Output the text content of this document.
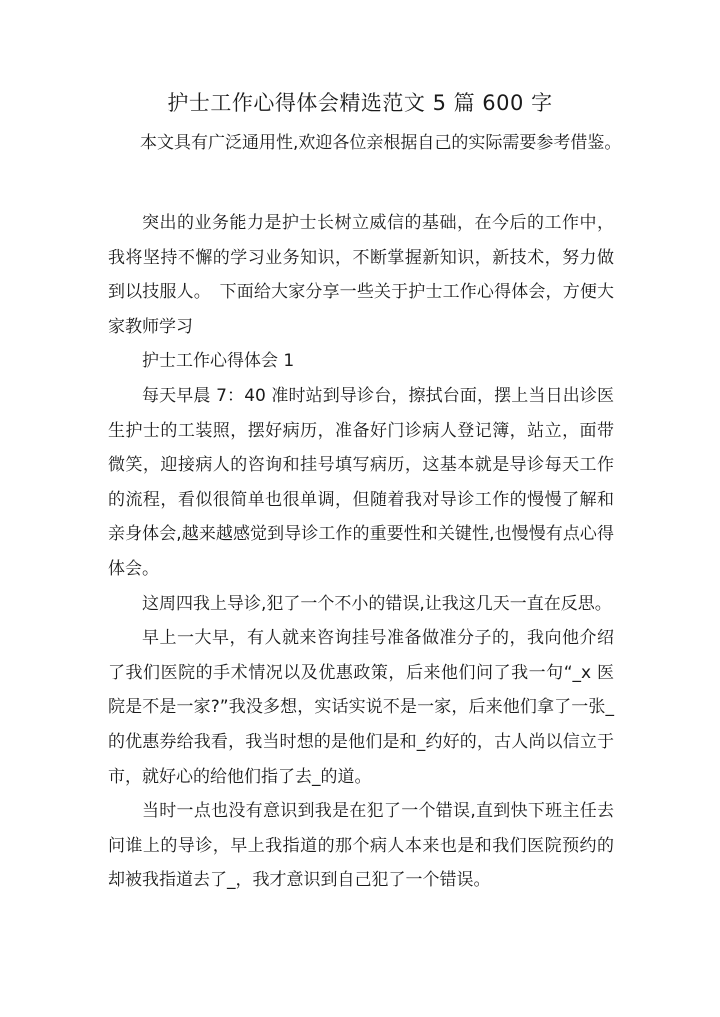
护士工作心得体会精选范文 5 篇 600 字

本文具有广泛通用性,欢迎各位亲根据自己的实际需要参考借鉴。

突出的业务能力是护士长树立威信的基础，在今后的工作中，我将坚持不懈的学习业务知识，不断掌握新知识，新技术，努力做到以技服人。　下面给大家分享一些关于护士工作心得体会，方便大家教师学习

护士工作心得体会 1

每天早晨 7：40 准时站到导诊台，擦拭台面，摆上当日出诊医生护士的工装照，摆好病历，准备好门诊病人登记簿，站立，面带微笑，迎接病人的咨询和挂号填写病历，这基本就是导诊每天工作的流程，看似很简单也很单调，但随着我对导诊工作的慢慢了解和亲身体会,越来越感觉到导诊工作的重要性和关键性,也慢慢有点心得体会。

这周四我上导诊,犯了一个不小的错误,让我这几天一直在反思。

早上一大早，有人就来咨询挂号准备做准分子的，我向他介绍了我们医院的手术情况以及优惠政策，后来他们问了我一句“_x 医院是不是一家?”我没多想，实话实说不是一家，后来他们拿了一张_的优惠券给我看，我当时想的是他们是和_约好的，古人尚以信立于市，就好心的给他们指了去_的道。

当时一点也没有意识到我是在犯了一个错误,直到快下班主任去问谁上的导诊，早上我指道的那个病人本来也是和我们医院预约的却被我指道去了_，我才意识到自己犯了一个错误。
